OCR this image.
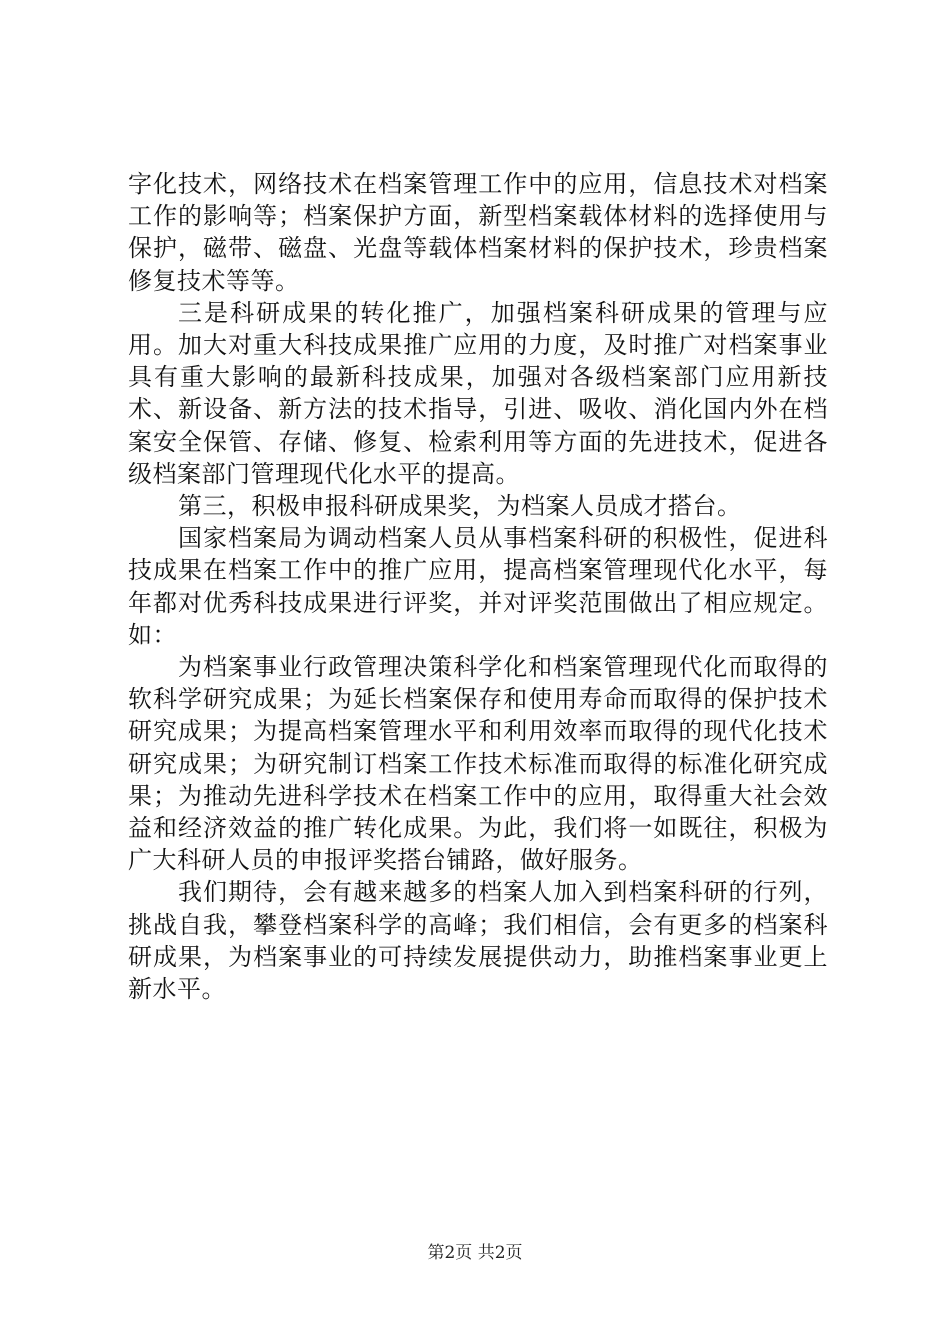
字化技术，网络技术在档案管理工作中的应用，信息技术对档案工作的影响等；档案保护方面，新型档案载体材料的选择使用与保护，磁带、磁盘、光盘等载体档案材料的保护技术，珍贵档案修复技术等等。

三是科研成果的转化推广，加强档案科研成果的管理与应用。加大对重大科技成果推广应用的力度，及时推广对档案事业具有重大影响的最新科技成果，加强对各级档案部门应用新技术、新设备、新方法的技术指导，引进、吸收、消化国内外在档案安全保管、存储、修复、检索利用等方面的先进技术，促进各级档案部门管理现代化水平的提高。

第三，积极申报科研成果奖，为档案人员成才搭台。

国家档案局为调动档案人员从事档案科研的积极性，促进科技成果在档案工作中的推广应用，提高档案管理现代化水平，每年都对优秀科技成果进行评奖，并对评奖范围做出了相应规定。如：

为档案事业行政管理决策科学化和档案管理现代化而取得的软科学研究成果；为延长档案保存和使用寿命而取得的保护技术研究成果；为提高档案管理水平和利用效率而取得的现代化技术研究成果；为研究制订档案工作技术标准而取得的标准化研究成果；为推动先进科学技术在档案工作中的应用，取得重大社会效益和经济效益的推广转化成果。为此，我们将一如既往，积极为广大科研人员的申报评奖搭台铺路，做好服务。

我们期待，会有越来越多的档案人加入到档案科研的行列，挑战自我，攀登档案科学的高峰；我们相信，会有更多的档案科研成果，为档案事业的可持续发展提供动力，助推档案事业更上新水平。

第2页 共2页
